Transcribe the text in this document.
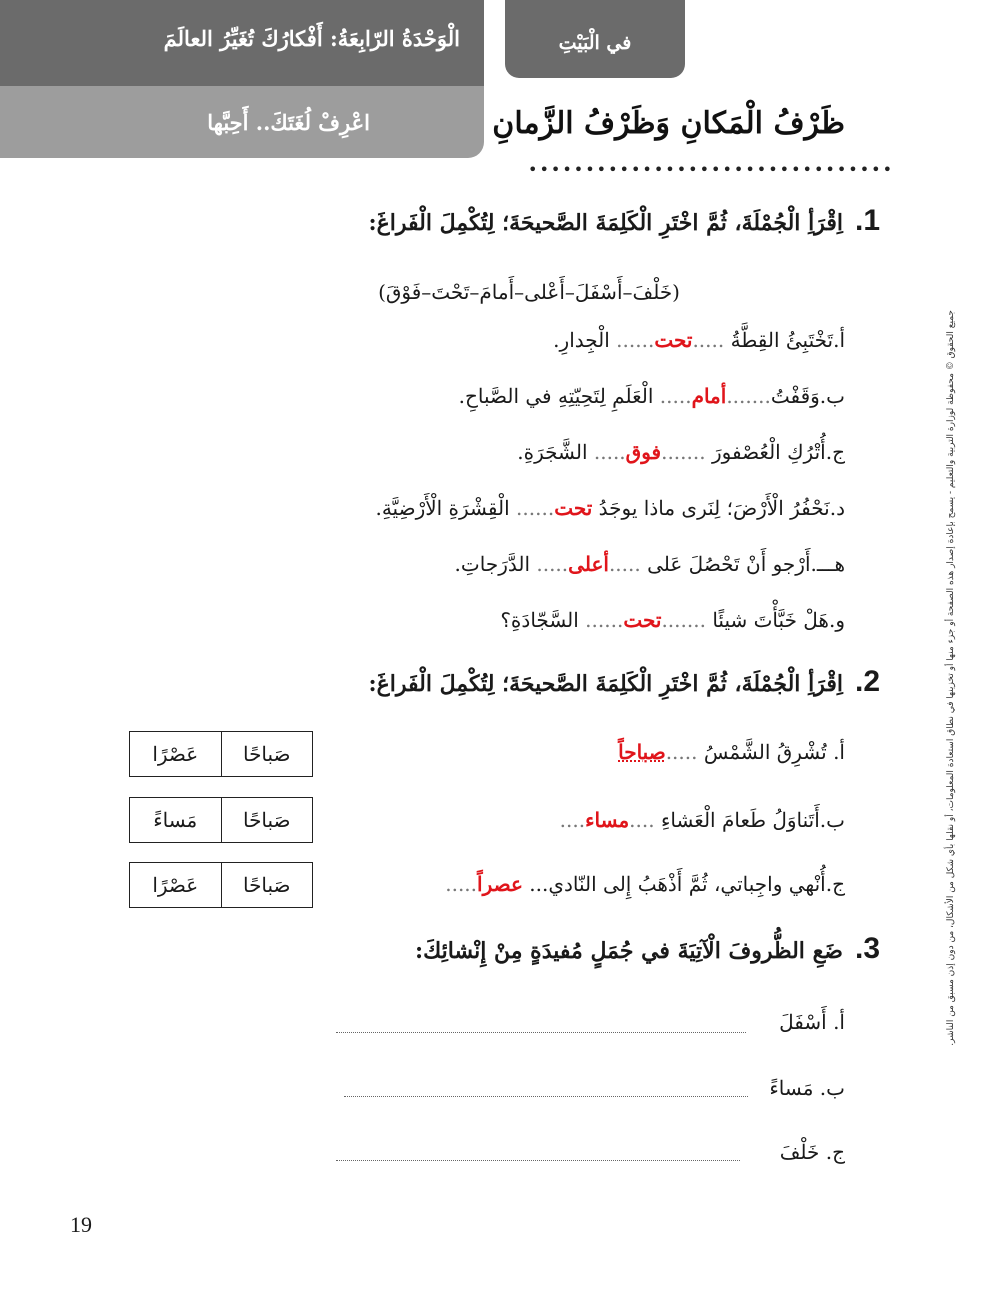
الْوَحْدَةُ الرّابِعَةُ: أَفْكارُكَ تُغَيِّرُ العالَمَ
اعْرِفْ لُغَتَكَ.. أَحِبَّها
في الْبَيْتِ
ظَرْفُ الْمَكانِ وَظَرْفُ الزَّمانِ
••••••••••••••••••••••••••••••••
1.اِقْرَأِ الْجُمْلَةَ، ثُمَّ اخْتَرِ الْكَلِمَةَ الصَّحيحَةَ؛ لِتُكْمِلَ الْفَراغَ:
(خَلْفَ–أَسْفَلَ–أَعْلى–أَمامَ–تَحْتَ–فَوْقَ)
أ.تَخْتَبِئُ القِطَّةُ .....تحت...... الْجِدارِ.
ب.وَقَفْتُ.......أمام..... الْعَلَمِ لِتَحِيّتِهِ في الصَّباحِ.
ج.أُتْرُكِ الْعُصْفورَ .......فوق..... الشَّجَرَةِ.
د.نَحْفُرُ الْأَرْضَ؛ لِنَرى ماذا يوجَدُ تحت...... الْقِشْرَةِ الْأَرْضِيَّةِ.
هـــ.أَرْجو أَنْ تَحْصُلَ عَلى .....أعلى..... الدَّرَجاتِ.
و.هَلْ خَبَّأْتَ شيئًا .......تحت...... السَّجّادَةِ؟
2.اِقْرَأِ الْجُمْلَةَ، ثُمَّ اخْتَرِ الْكَلِمَةَ الصَّحيحَةَ؛ لِتُكْمِلَ الْفَراغَ:
أ. تُشْرِقُ الشَّمْسُ .....صباحاً
صَباحًا
عَصْرًا
ب.أَتَناوَلُ طَعامَ الْعَشاءِ ....مساء....
صَباحًا
مَساءً
ج.أُنْهي واجِباتي، ثُمَّ أَذْهَبُ إِلى النّادي... عصراً.....
صَباحًا
عَصْرًا
3.ضَعِ الظُّروفَ الْآتِيَةَ في جُمَلٍ مُفيدَةٍ مِنْ إِنْشائِكَ:
أ. أَسْفَلَ
ب. مَساءً
ج. خَلْفَ
19
جميع الحقوق © محفوظة لوزارة التربية والتعليم - يسمح بإعادة إصدار هذه الصفحة أو جزء منها أو تخزينها في نطاق استعادة المعلومات، أو نقلها بأي شكل من الأشكال، من دون إذن مسبق من الناشر.
